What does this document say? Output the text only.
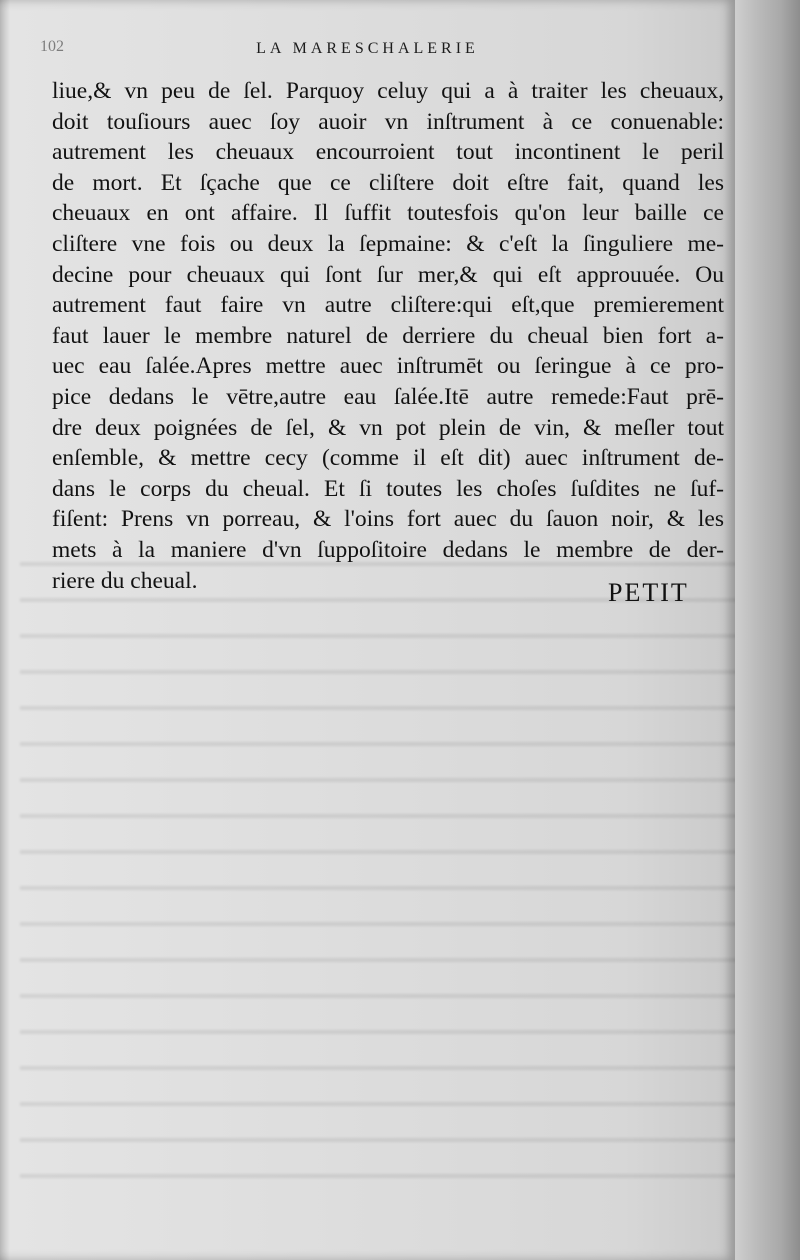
102	LA MARESCHALERIE
liue,& vn peu de ſel. Parquoy celuy qui a à traiter les cheuaux,
doit touſiours auec ſoy auoir vn inſtrument à ce conuenable:
autrement les cheuaux encourroient tout incontinent le peril
de mort. Et ſçache que ce cliſtere doit eſtre fait, quand les
cheuaux en ont affaire. Il ſuffit toutesfois qu'on leur baille ce
cliſtere vne fois ou deux la ſepmaine: & c'eſt la ſinguliere me-
decine pour cheuaux qui ſont ſur mer,& qui eſt approuuée. Ou
autrement faut faire vn autre cliſtere:qui eſt,que premierement
faut lauer le membre naturel de derriere du cheual bien fort a-
uec eau ſalée.Apres mettre auec inſtrumēt ou ſeringue à ce pro-
pice dedans le vētre,autre eau ſalée.Itē autre remede:Faut prē-
dre deux poignées de ſel, & vn pot plein de vin, & meſler tout
enſemble, & mettre cecy (comme il eſt dit) auec inſtrument de-
dans le corps du cheual. Et ſi toutes les choſes ſuſdites ne ſuf-
fiſent: Prens vn porreau, & l'oins fort auec du ſauon noir, & les
mets à la maniere d'vn ſuppoſitoire dedans le membre de der-
riere du cheual.	PETIT
